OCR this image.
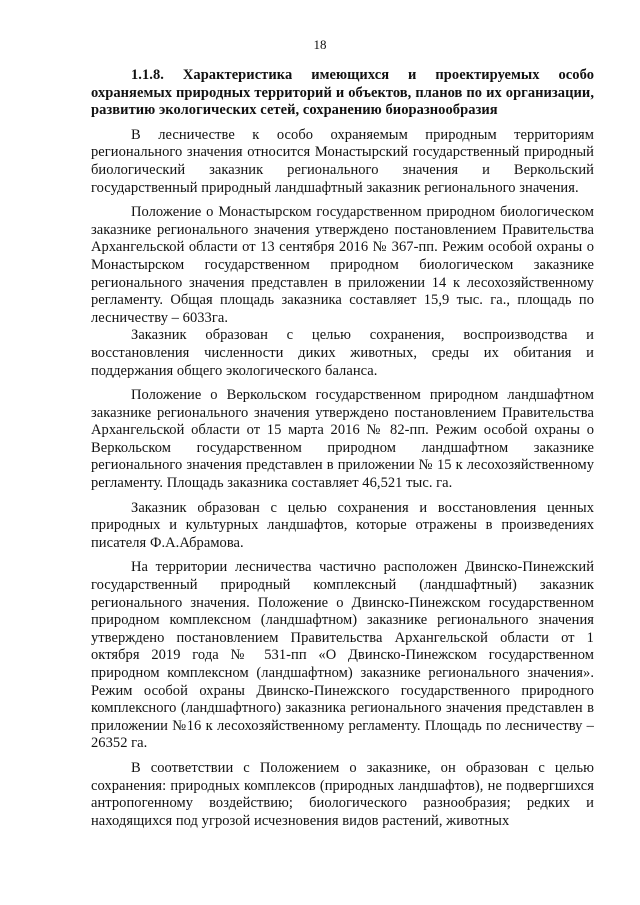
18

1.1.8. Характеристика имеющихся и проектируемых особо охраняемых природных территорий и объектов, планов по их организации, развитию экологических сетей, сохранению биоразнообразия

В лесничестве к особо охраняемым природным территориям регионального значения относится Монастырский государственный природный биологический заказник регионального значения и Веркольский государственный природный ландшафтный заказник регионального значения.

Положение о Монастырском государственном природном биологическом заказнике регионального значения утверждено постановлением Правительства Архангельской области от 13 сентября 2016 № 367-пп. Режим особой охраны о Монастырском государственном природном биологическом заказнике регионального значения представлен в приложении 14 к лесохозяйственному регламенту. Общая площадь заказника составляет 15,9 тыс. га., площадь по лесничеству – 6033га.

Заказник образован с целью сохранения, воспроизводства и восстановления численности диких животных, среды их обитания и поддержания общего экологического баланса.

Положение о Веркольском государственном природном ландшафтном заказнике регионального значения утверждено постановлением Правительства Архангельской области от 15 марта 2016 № 82-пп. Режим особой охраны о Веркольском государственном природном ландшафтном заказнике регионального значения представлен в приложении № 15 к лесохозяйственному регламенту. Площадь заказника составляет 46,521 тыс. га.

Заказник образован с целью сохранения и восстановления ценных природных и культурных ландшафтов, которые отражены в произведениях писателя Ф.А.Абрамова.

На территории лесничества частично расположен Двинско-Пинежский государственный природный комплексный (ландшафтный) заказник регионального значения. Положение о Двинско-Пинежском государственном природном комплексном (ландшафтном) заказнике регионального значения утверждено постановлением Правительства Архангельской области от 1 октября 2019 года № 531-пп «О Двинско-Пинежском государственном природном комплексном (ландшафтном) заказнике регионального значения». Режим особой охраны Двинско-Пинежского государственного природного комплексного (ландшафтного) заказника регионального значения представлен в приложении №16 к лесохозяйственному регламенту. Площадь по лесничеству – 26352 га.

В соответствии с Положением о заказнике, он образован с целью сохранения: природных комплексов (природных ландшафтов), не подвергшихся антропогенному воздействию; биологического разнообразия; редких и находящихся под угрозой исчезновения видов растений, животных
